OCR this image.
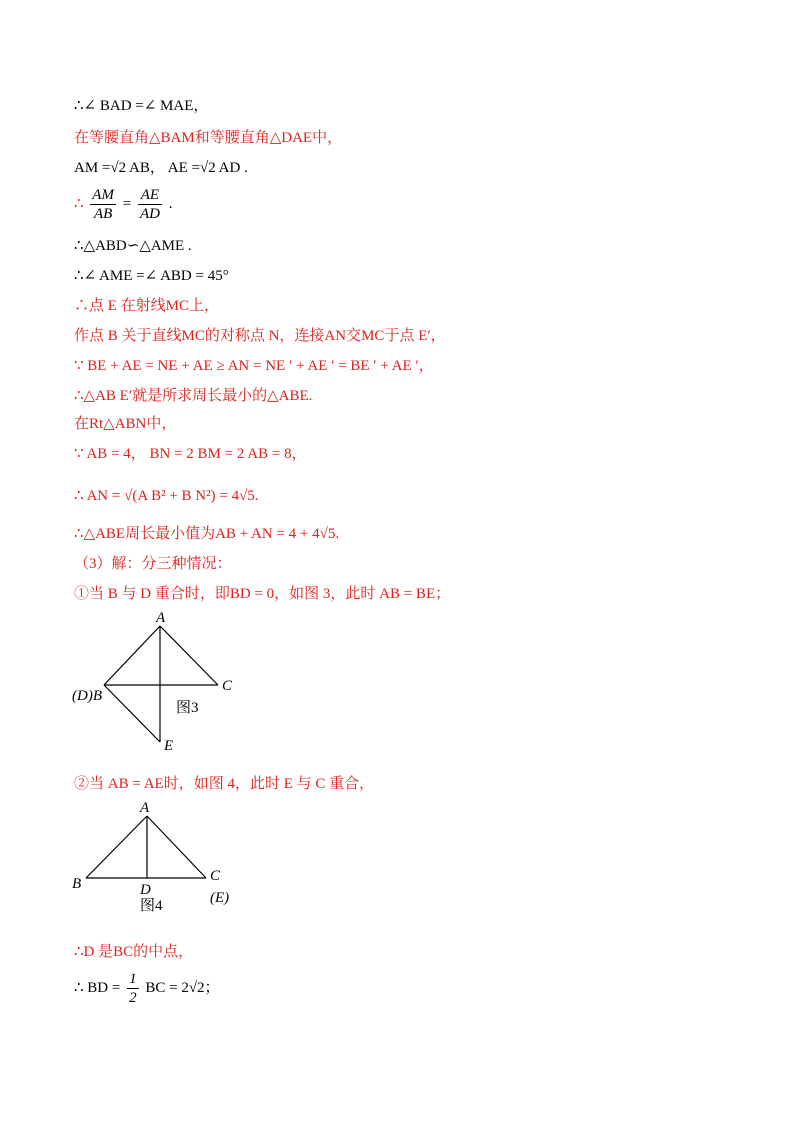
∴∠ BAD =∠ MAE，
在等腰直角△BAM和等腰直角△DAE中，
AM =√2 AB， AE =√2 AD .
∴ $\frac{AM}{AB} = \frac{AE}{AD}$ .
∴△ABD∽△AME .
∴∠ AME =∠ ABD = 45°
∴点 E 在射线MC上，
作点 B 关于直线MC的对称点 N，连接AN交MC于点 E′，
∵ BE + AE = NE + AE ≥ AN = NE ′ + AE ′ = BE ′ + AE ′，
∴△AB E′就是所求周长最小的△ABE.
在Rt△ABN中，
∵ AB = 4， BN = 2 BM = 2 AB = 8，
∴ AN = √(A B² + B N²) = 4√5.
∴△ABE周长最小值为AB + AN = 4 + 4√5.
（3）解：分三种情况：
①当 B 与 D 重合时，即BD = 0，如图 3，此时 AB = BE；
A
(D)B
C
E
图3
②当 AB = AE时，如图 4，此时 E 与 C 重合，
A
B	C
D	(E)
图4
∴D 是BC的中点，
∴ BD = $\frac{1}{2}$ BC = 2√2；
